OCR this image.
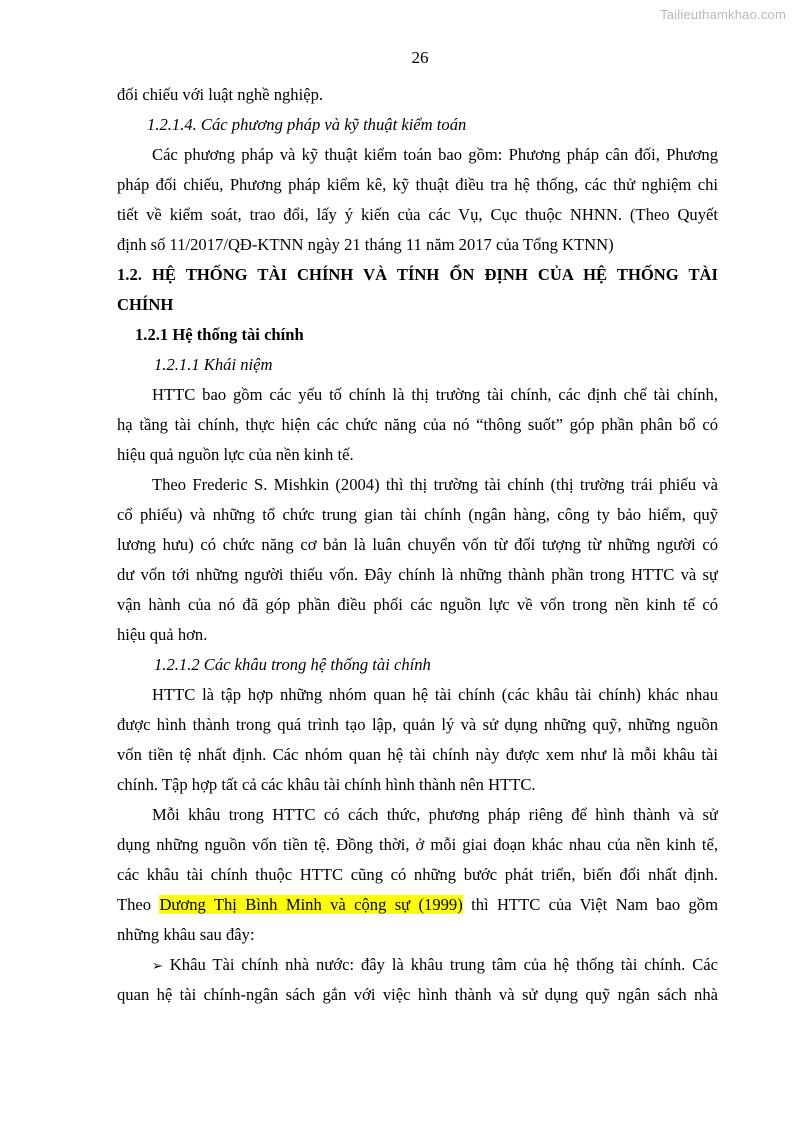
Tailieuthamkhao.com
26
đối chiếu với luật nghề nghiệp.
1.2.1.4. Các phương pháp và kỹ thuật kiểm toán
Các phương pháp và kỹ thuật kiểm toán bao gồm: Phương pháp cân đối, Phương
pháp đối chiếu, Phương pháp kiểm kê, kỹ thuật điều tra hệ thống, các thử nghiệm chi
tiết về kiểm soát, trao đổi, lấy ý kiến của các Vụ, Cục thuộc NHNN. (Theo Quyết
định số 11/2017/QĐ-KTNN ngày 21 tháng 11 năm 2017 của Tổng KTNN)
1.2. HỆ THỐNG TÀI CHÍNH VÀ TÍNH ỔN ĐỊNH CỦA HỆ THỐNG TÀI
CHÍNH
1.2.1 Hệ thống tài chính
1.2.1.1 Khái niệm
HTTC bao gồm các yếu tố chính là thị trường tài chính, các định chế tài chính,
hạ tầng tài chính, thực hiện các chức năng của nó “thông suốt” góp phần phân bổ có
hiệu quả nguồn lực của nền kinh tế.
Theo Frederic S. Mishkin (2004) thì thị trường tài chính (thị trường trái phiếu và
cổ phiếu) và những tổ chức trung gian tài chính (ngân hàng, công ty bảo hiểm, quỹ
lương hưu) có chức năng cơ bản là luân chuyển vốn từ đối tượng từ những người có
dư vốn tới những người thiếu vốn. Đây chính là những thành phần trong HTTC và sự
vận hành của nó đã góp phần điều phối các nguồn lực về vốn trong nền kinh tế có
hiệu quả hơn.
1.2.1.2 Các khâu trong hệ thống tài chính
HTTC là tập hợp những nhóm quan hệ tài chính (các khâu tài chính) khác nhau
được hình thành trong quá trình tạo lập, quản lý và sử dụng những quỹ, những nguồn
vốn tiền tệ nhất định. Các nhóm quan hệ tài chính này được xem như là mỗi khâu tài
chính. Tập hợp tất cả các khâu tài chính hình thành nên HTTC.
Mỗi khâu trong HTTC có cách thức, phương pháp riêng để hình thành và sử
dụng những nguồn vốn tiền tệ. Đồng thời, ở mỗi giai đoạn khác nhau của nền kinh tế,
các khâu tài chính thuộc HTTC cũng có những bước phát triển, biến đổi nhất định.
Theo Dương Thị Bình Minh và cộng sự (1999) thì HTTC của Việt Nam bao gồm
những khâu sau đây:
➢ Khâu Tài chính nhà nước: đây là khâu trung tâm của hệ thống tài chính. Các
quan hệ tài chính-ngân sách gắn với việc hình thành và sử dụng quỹ ngân sách nhà
